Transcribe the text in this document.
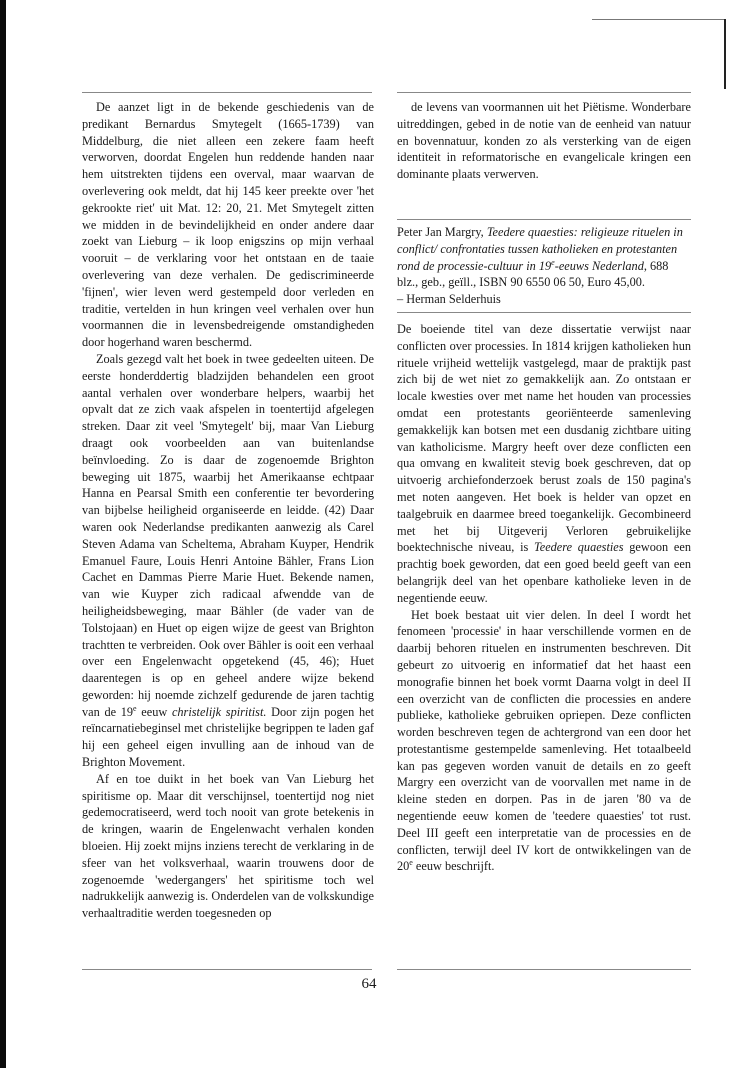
De aanzet ligt in de bekende geschiedenis van de predikant Bernardus Smytegelt (1665-1739) van Middelburg, die niet alleen een zekere faam heeft verworven, doordat Engelen hun reddende handen naar hem uitstrekten tijdens een overval, maar waarvan de overlevering ook meldt, dat hij 145 keer preekte over 'het gekrookte riet' uit Mat. 12: 20, 21. Met Smytegelt zitten we midden in de bevindelijkheid en onder andere daar zoekt van Lieburg – ik loop enigszins op mijn verhaal vooruit – de verklaring voor het ontstaan en de taaie overlevering van deze verhalen. De gediscrimineerde 'fijnen', wier leven werd gestempeld door verleden en traditie, vertelden in hun kringen veel verhalen over hun voormannen die in levensbedreigende omstandigheden door hogerhand waren beschermd.

Zoals gezegd valt het boek in twee gedeelten uiteen. De eerste honderddertig bladzijden behandelen een groot aantal verhalen over wonderbare helpers, waarbij het opvalt dat ze zich vaak afspelen in toentertijd afgelegen streken. Daar zit veel 'Smytegelt' bij, maar Van Lieburg draagt ook voorbeelden aan van buitenlandse beïnvloeding. Zo is daar de zogenoemde Brighton beweging uit 1875, waarbij het Amerikaanse echtpaar Hanna en Pearsal Smith een conferentie ter bevordering van bijbelse heiligheid organiseerde en leidde. (42) Daar waren ook Nederlandse predikanten aanwezig als Carel Steven Adama van Scheltema, Abraham Kuyper, Hendrik Emanuel Faure, Louis Henri Antoine Bähler, Frans Lion Cachet en Dammas Pierre Marie Huet. Bekende namen, van wie Kuyper zich radicaal afwendde van de heiligheidsbeweging, maar Bähler (de vader van de Tolstojaan) en Huet op eigen wijze de geest van Brighton trachtten te verbreiden. Ook over Bähler is ooit een verhaal over een Engelenwacht opgetekend (45, 46); Huet daarentegen is op en geheel andere wijze bekend geworden: hij noemde zichzelf gedurende de jaren tachtig van de 19e eeuw christelijk spiritist. Door zijn pogen het reïncarnatiebeginsel met christelijke begrippen te laden gaf hij een geheel eigen invulling aan de inhoud van de Brighton Movement.

Af en toe duikt in het boek van Van Lieburg het spiritisme op. Maar dit verschijnsel, toentertijd nog niet gedemocratiseerd, werd toch nooit van grote betekenis in de kringen, waarin de Engelenwacht verhalen konden bloeien. Hij zoekt mijns inziens terecht de verklaring in de sfeer van het volksverhaal, waarin trouwens door de zogenoemde 'wedergangers' het spiritisme toch wel nadrukkelijk aanwezig is. Onderdelen van de volkskundige verhaaltraditie werden toegesneden op

de levens van voormannen uit het Piëtisme. Wonderbare uitreddingen, gebed in de notie van de eenheid van natuur en bovennatuur, konden zo als versterking van de eigen identiteit in reformatorische en evangelicale kringen een dominante plaats verwerven.

Peter Jan Margry, Teedere quaesties: religieuze rituelen in conflict/ confrontaties tussen katholieken en protestanten rond de processie-cultuur in 19e-eeuws Nederland, 688 blz., geb., geïll., ISBN 90 6550 06 50, Euro 45,00.
– Herman Selderhuis

De boeiende titel van deze dissertatie verwijst naar conflicten over processies. In 1814 krijgen katholieken hun rituele vrijheid wettelijk vastgelegd, maar de praktijk past zich bij de wet niet zo gemakkelijk aan. Zo ontstaan er locale kwesties over met name het houden van processies omdat een protestants georiënteerde samenleving gemakkelijk kan botsen met een dusdanig zichtbare uiting van katholicisme. Margry heeft over deze conflicten een qua omvang en kwaliteit stevig boek geschreven, dat op uitvoerig archiefonderzoek berust zoals de 150 pagina's met noten aangeven. Het boek is helder van opzet en taalgebruik en daarmee breed toegankelijk. Gecombineerd met het bij Uitgeverij Verloren gebruikelijke boektechnische niveau, is Teedere quaesties gewoon een prachtig boek geworden, dat een goed beeld geeft van een belangrijk deel van het openbare katholieke leven in de negentiende eeuw.

Het boek bestaat uit vier delen. In deel I wordt het fenomeen 'processie' in haar verschillende vormen en de daarbij behoren rituelen en instrumenten beschreven. Dit gebeurt zo uitvoerig en informatief dat het haast een monografie binnen het boek vormt Daarna volgt in deel II een overzicht van de conflicten die processies en andere publieke, katholieke gebruiken opriepen. Deze conflicten worden beschreven tegen de achtergrond van een door het protestantisme gestempelde samenleving. Het totaalbeeld kan pas gegeven worden vanuit de details en zo geeft Margry een overzicht van de voorvallen met name in de kleine steden en dorpen. Pas in de jaren '80 va de negentiende eeuw komen de 'teedere quaesties' tot rust. Deel III geeft een interpretatie van de processies en de conflicten, terwijl deel IV kort de ontwikkelingen van de 20e eeuw beschrijft.

64
